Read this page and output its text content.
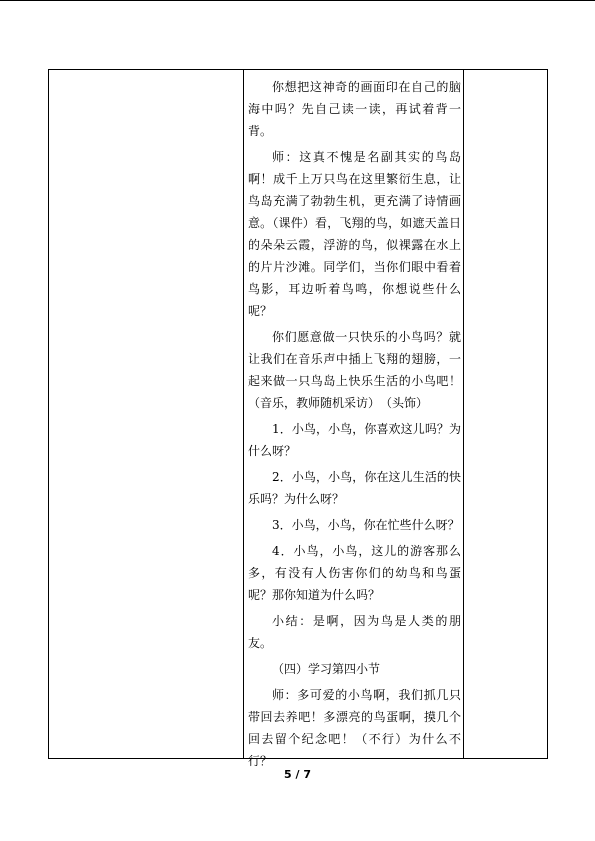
你想把这神奇的画面印在自己的脑海中吗？先自己读一读，再试着背一背。

师：这真不愧是名副其实的鸟岛啊！成千上万只鸟在这里繁衍生息，让鸟岛充满了勃勃生机，更充满了诗情画意。（课件）看，飞翔的鸟，如遮天盖日的朵朵云霞，浮游的鸟，似裸露在水上的片片沙滩。同学们，当你们眼中看着鸟影，耳边听着鸟鸣，你想说些什么呢？

你们愿意做一只快乐的小鸟吗？就让我们在音乐声中插上飞翔的翅膀，一起来做一只鸟岛上快乐生活的小鸟吧！（音乐，教师随机采访）　（头饰）

1．小鸟，小鸟，你喜欢这儿吗？为什么呀？

2．小鸟，小鸟，你在这儿生活的快乐吗？为什么呀？

3．小鸟，小鸟，你在忙些什么呀？

4．小鸟，小鸟，这儿的游客那么多，有没有人伤害你们的幼鸟和鸟蛋呢？那你知道为什么吗？

小结：是啊，因为鸟是人类的朋友。

（四）学习第四小节

师：多可爱的小鸟啊，我们抓几只带回去养吧！多漂亮的鸟蛋啊，摸几个回去留个纪念吧！（不行）为什么不行？

5 / 7
